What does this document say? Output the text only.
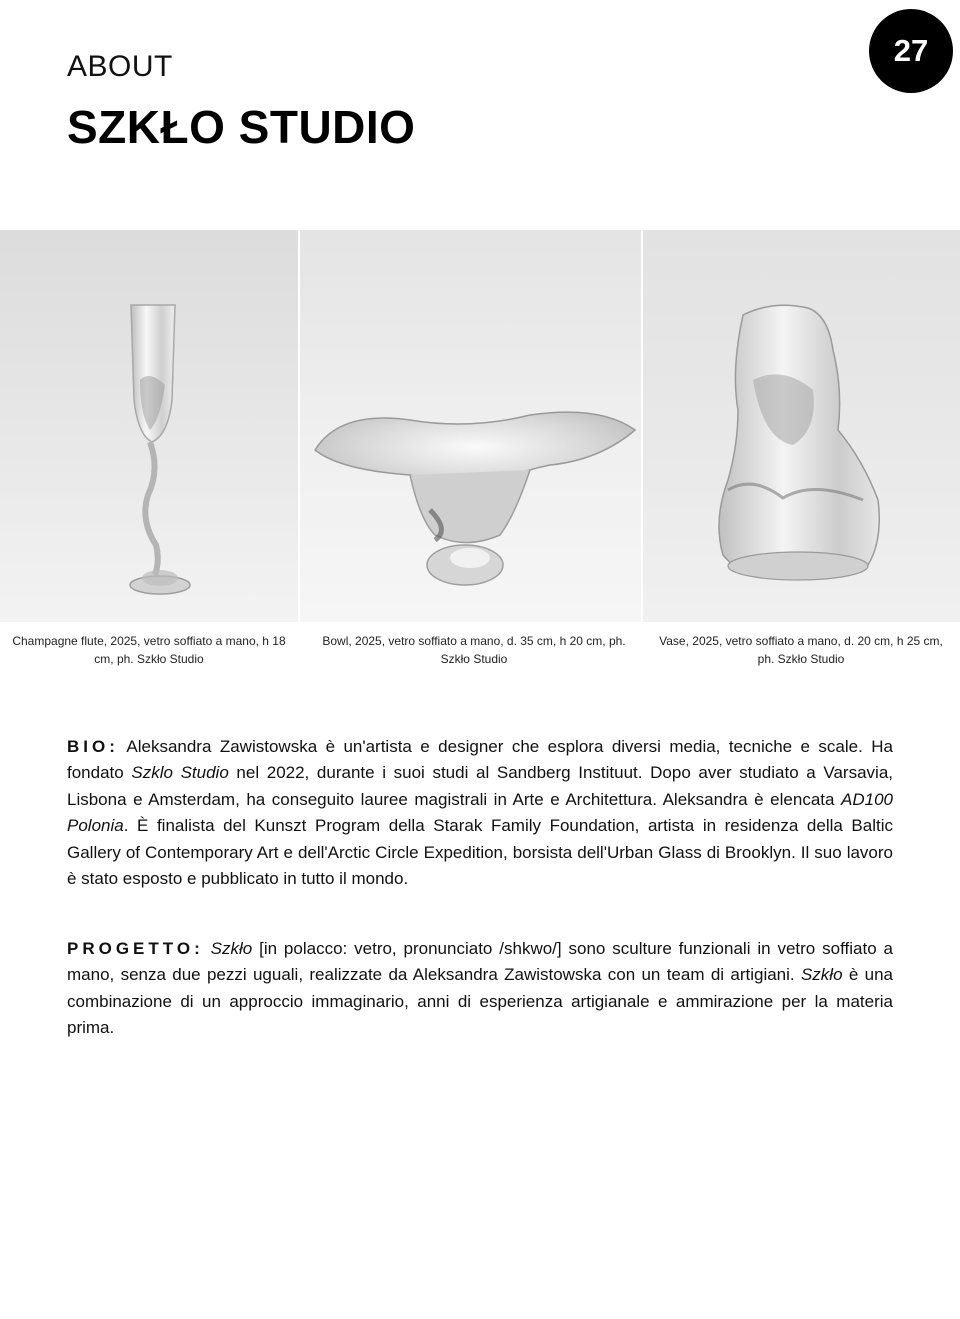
ABOUT
SZKŁO STUDIO
27
Champagne flute, 2025, vetro soffiato a mano, h 18 cm, ph. Szkło Studio
Bowl, 2025, vetro soffiato a mano, d. 35 cm, h 20 cm, ph. Szkło Studio
Vase, 2025, vetro soffiato a mano, d. 20 cm, h 25 cm, ph. Szkło Studio

BIO: Aleksandra Zawistowska è un'artista e designer che esplora diversi media, tecniche e scale. Ha fondato Szklo Studio nel 2022, durante i suoi studi al Sandberg Instituut. Dopo aver studiato a Varsavia, Lisbona e Amsterdam, ha conseguito lauree magistrali in Arte e Architettura. Aleksandra è elencata AD100 Polonia. È finalista del Kunszt Program della Starak Family Foundation, artista in residenza della Baltic Gallery of Contemporary Art e dell'Arctic Circle Expedition, borsista dell'Urban Glass di Brooklyn. Il suo lavoro è stato esposto e pubblicato in tutto il mondo.

PROGETTO: Szkło [in polacco: vetro, pronunciato /shkwo/] sono sculture funzionali in vetro soffiato a mano, senza due pezzi uguali, realizzate da Aleksandra Zawistowska con un team di artigiani. Szkło è una combinazione di un approccio immaginario, anni di esperienza artigianale e ammirazione per la materia prima.
